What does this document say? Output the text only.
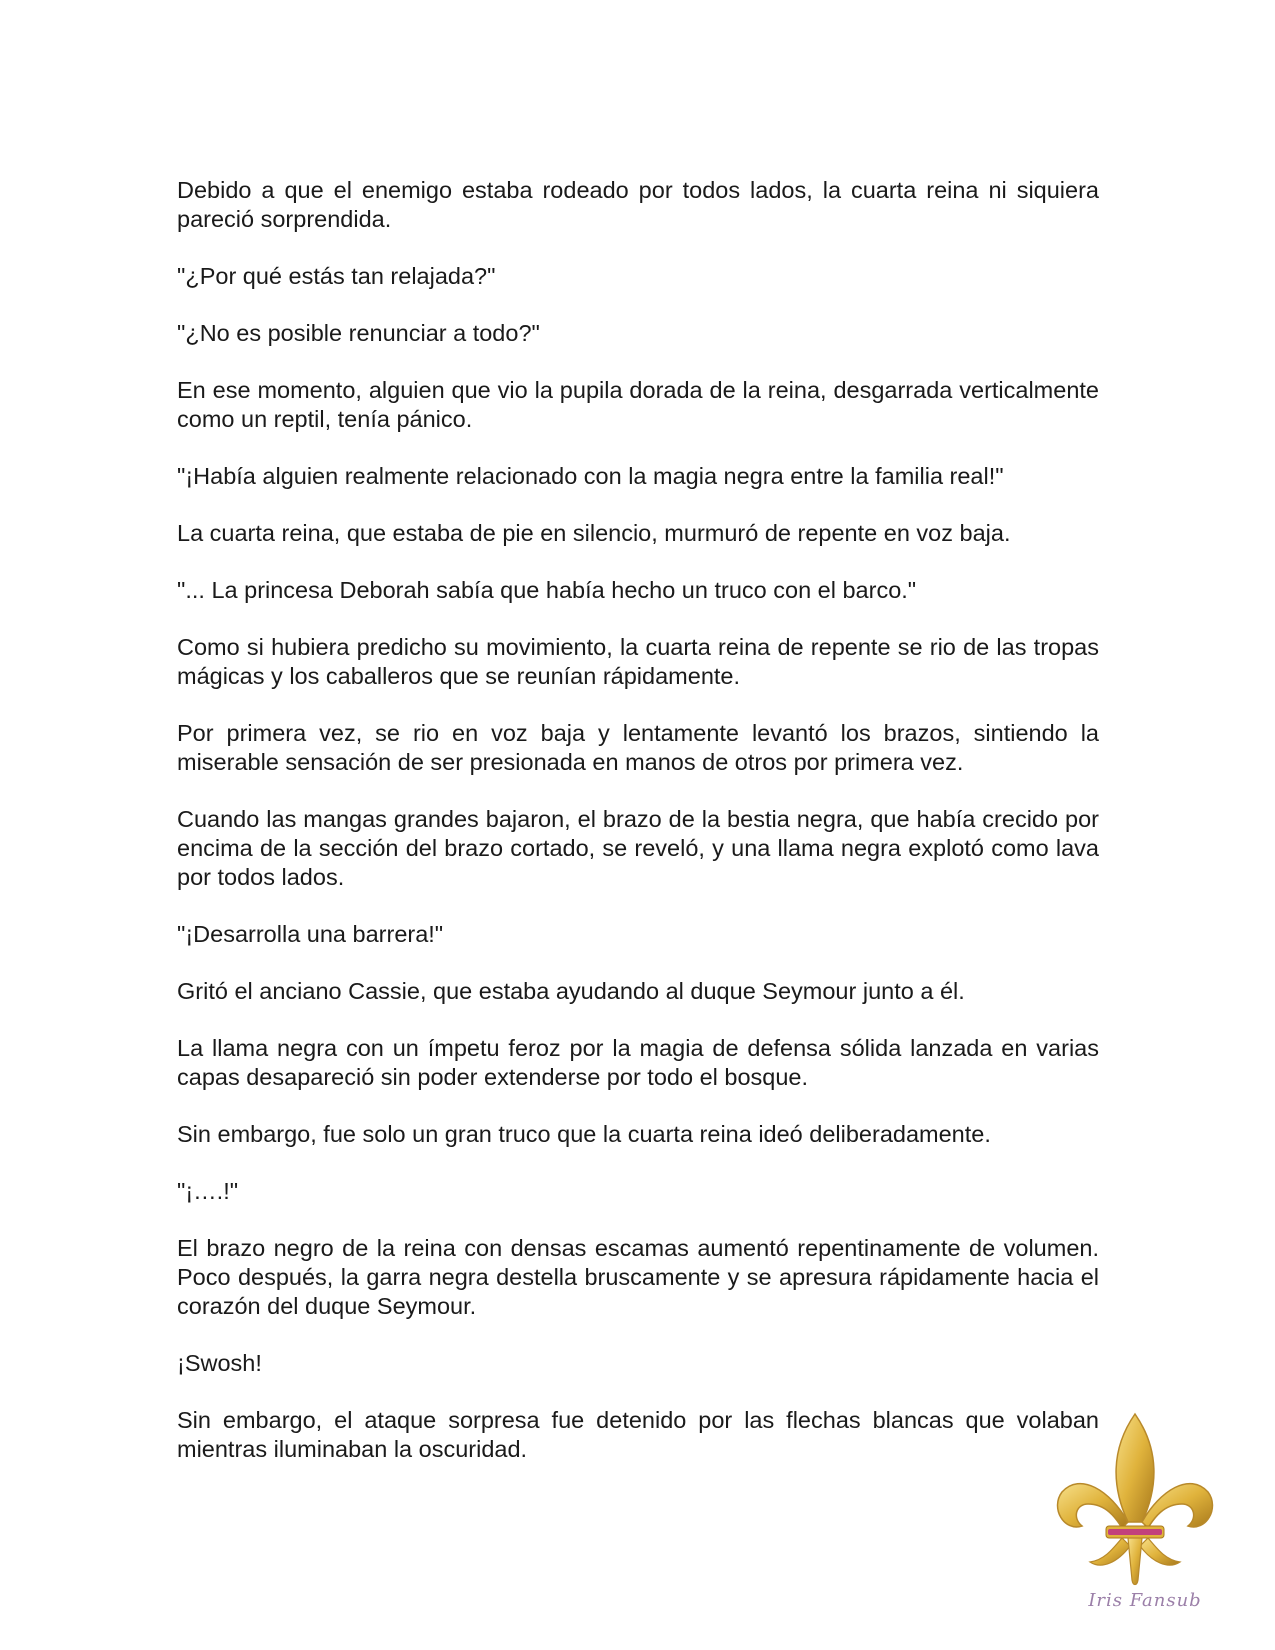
Debido a que el enemigo estaba rodeado por todos lados, la cuarta reina ni siquiera pareció sorprendida.

"¿Por qué estás tan relajada?"

"¿No es posible renunciar a todo?"

En ese momento, alguien que vio la pupila dorada de la reina, desgarrada verticalmente como un reptil, tenía pánico.

"¡Había alguien realmente relacionado con la magia negra entre la familia real!"

La cuarta reina, que estaba de pie en silencio, murmuró de repente en voz baja.

"... La princesa Deborah sabía que había hecho un truco con el barco."

Como si hubiera predicho su movimiento, la cuarta reina de repente se rio de las tropas mágicas y los caballeros que se reunían rápidamente.

Por primera vez, se rio en voz baja y lentamente levantó los brazos, sintiendo la miserable sensación de ser presionada en manos de otros por primera vez.

Cuando las mangas grandes bajaron, el brazo de la bestia negra, que había crecido por encima de la sección del brazo cortado, se reveló, y una llama negra explotó como lava por todos lados.

"¡Desarrolla una barrera!"

Gritó el anciano Cassie, que estaba ayudando al duque Seymour junto a él.

La llama negra con un ímpetu feroz por la magia de defensa sólida lanzada en varias capas desapareció sin poder extenderse por todo el bosque.

Sin embargo, fue solo un gran truco que la cuarta reina ideó deliberadamente.

"¡….!"

El brazo negro de la reina con densas escamas aumentó repentinamente de volumen. Poco después, la garra negra destella bruscamente y se apresura rápidamente hacia el corazón del duque Seymour.

¡Swosh!

Sin embargo, el ataque sorpresa fue detenido por las flechas blancas que volaban mientras iluminaban la oscuridad.

Iris Fansub
